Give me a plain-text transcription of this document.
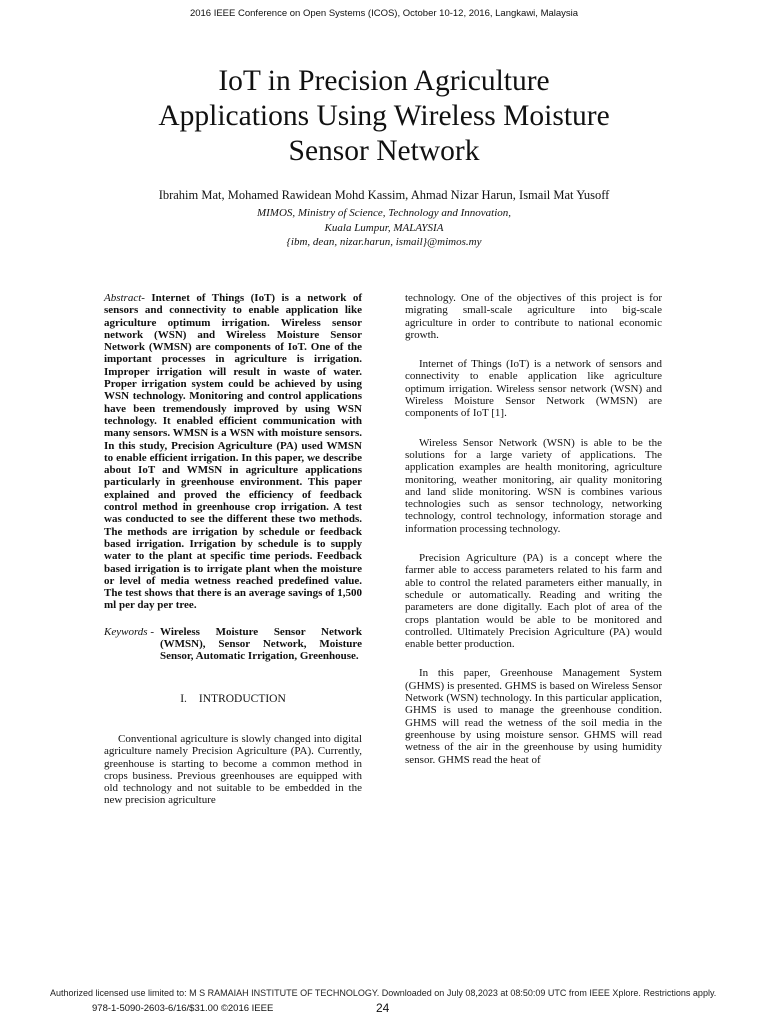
2016 IEEE Conference on Open Systems (ICOS), October 10-12, 2016, Langkawi, Malaysia
IoT in Precision Agriculture
Applications Using Wireless Moisture
Sensor Network
Ibrahim Mat, Mohamed Rawidean Mohd Kassim, Ahmad Nizar Harun, Ismail Mat Yusoff
MIMOS, Ministry of Science, Technology and Innovation,
Kuala Lumpur, MALAYSIA
{ibm, dean, nizar.harun, ismail}@mimos.my

Abstract- Internet of Things (IoT) is a network of sensors and connectivity to enable application like agriculture optimum irrigation. Wireless sensor network (WSN) and Wireless Moisture Sensor Network (WMSN) are components of IoT. One of the important processes in agriculture is irrigation. Improper irrigation will result in waste of water. Proper irrigation system could be achieved by using WSN technology. Monitoring and control applications have been tremendously improved by using WSN technology. It enabled efficient communication with many sensors. WMSN is a WSN with moisture sensors. In this study, Precision Agriculture (PA) used WMSN to enable efficient irrigation. In this paper, we describe about IoT and WMSN in agriculture applications particularly in greenhouse environment. This paper explained and proved the efficiency of feedback control method in greenhouse crop irrigation. A test was conducted to see the different these two methods. The methods are irrigation by schedule or feedback based irrigation. Irrigation by schedule is to supply water to the plant at specific time periods. Feedback based irrigation is to irrigate plant when the moisture or level of media wetness reached predefined value. The test shows that there is an average savings of 1,500 ml per day per tree.

Keywords - Wireless Moisture Sensor Network (WMSN), Sensor Network, Moisture Sensor, Automatic Irrigation, Greenhouse.
I. INTRODUCTION

Conventional agriculture is slowly changed into digital agriculture namely Precision Agriculture (PA). Currently, greenhouse is starting to become a common method in crops business. Previous greenhouses are equipped with old technology and not suitable to be embedded in the new precision agriculture

technology. One of the objectives of this project is for migrating small-scale agriculture into big-scale agriculture in order to contribute to national economic growth.

Internet of Things (IoT) is a network of sensors and connectivity to enable application like agriculture optimum irrigation. Wireless sensor network (WSN) and Wireless Moisture Sensor Network (WMSN) are components of IoT [1].

Wireless Sensor Network (WSN) is able to be the solutions for a large variety of applications. The application examples are health monitoring, agriculture monitoring, weather monitoring, air quality monitoring and land slide monitoring. WSN is combines various technologies such as sensor technology, networking technology, control technology, information storage and information processing technology.

Precision Agriculture (PA) is a concept where the farmer able to access parameters related to his farm and able to control the related parameters either manually, in schedule or automatically. Reading and writing the parameters are done digitally. Each plot of area of the crops plantation would be able to be monitored and controlled. Ultimately Precision Agriculture (PA) would enable better production.

In this paper, Greenhouse Management System (GHMS) is presented. GHMS is based on Wireless Sensor Network (WSN) technology. In this particular application, GHMS is used to manage the greenhouse condition. GHMS will read the wetness of the soil media in the greenhouse by using moisture sensor. GHMS will read wetness of the air in the greenhouse by using humidity sensor. GHMS read the heat of

Authorized licensed use limited to: M S RAMAIAH INSTITUTE OF TECHNOLOGY. Downloaded on July 08,2023 at 08:50:09 UTC from IEEE Xplore. Restrictions apply.
978-1-5090-2603-6/16/$31.00 ©2016 IEEE	24
